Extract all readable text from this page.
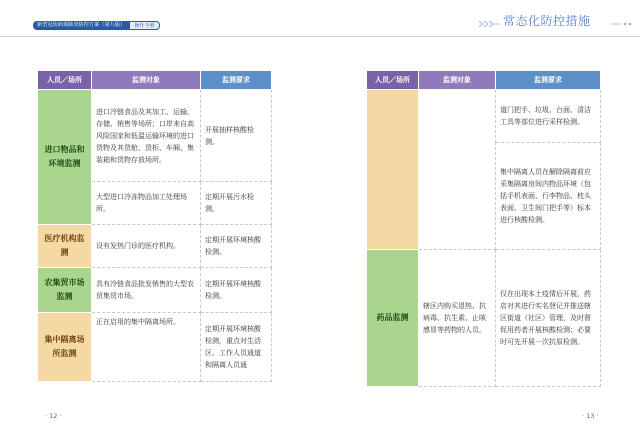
新型冠状病毒肺炎防控方案（第九版）	操作手册	常态化防控措施
人员／场所	监测对象	监测要求
进口物品和环境监测	进口冷链食品及其加工、运输、存储、销售等场所；口岸来自高风险国家和低温运输环境的进口货物及其货舱、货柜、车厢、集装箱和货物存放场所。	开展抽样核酸检测。
	大型进口冷冻物品加工处理场所。	定期开展污水检测。
医疗机构监测	设有发热门诊的医疗机构。	定期开展环境核酸检测。
农集贸市场监测	具有冷链食品批发销售的大型农贸集贸市场。	定期开展环境核酸检测。
集中隔离场所监测	正在启用的集中隔离场所。	定期开展环境核酸检测，重点对生活区、工作人员通道和隔离人员通
人员／场所	监测对象	监测要求
		道门把手、垃圾、台面、清洁工具等部位进行采样检测。
		集中隔离人员在解除隔离前应采集隔离房间内物品环境（包括手机表面、行李物品、枕头表面、卫生间门把手等）标本进行核酸检测。
药品监测	辖区内购买退热、抗病毒、抗生素、止咳感冒等药物的人员。	仅在出现本土疫情后开展，药店对其进行实名登记并推送辖区街道（社区）管理，及时督促用药者开展核酸检测；必要时可先开展一次抗原检测。
· 12 ·	· 13 ·
